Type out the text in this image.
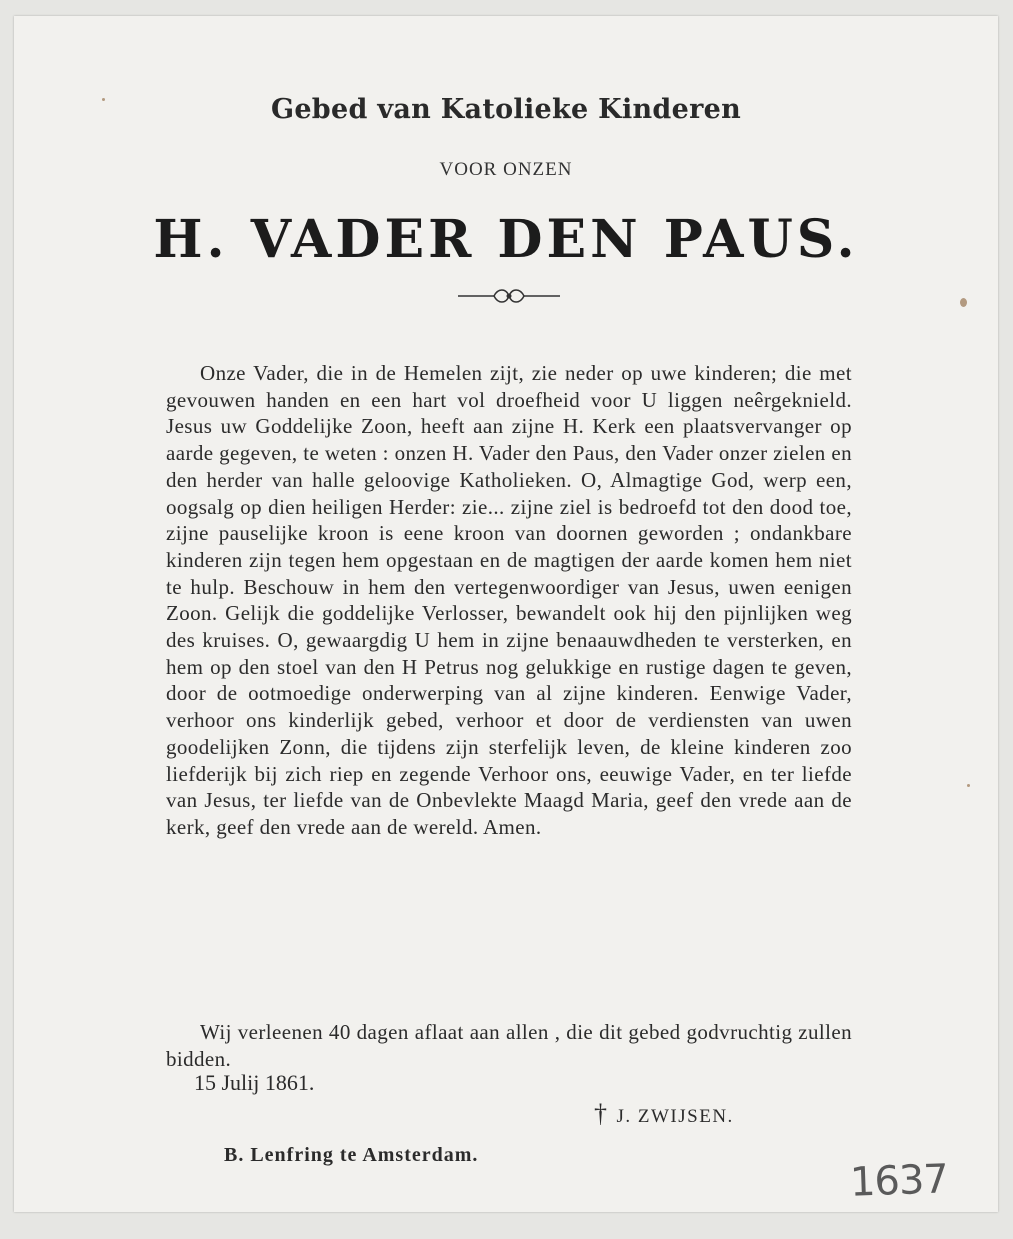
Gebed van Katolieke Kinderen
VOOR ONZEN
H. VADER DEN PAUS.

Onze Vader, die in de Hemelen zijt, zie neder op uwe kinderen; die met gevouwen handen en een hart vol droefheid voor U liggen neêrgeknield. Jesus uw Goddelijke Zoon, heeft aan zijne H. Kerk een plaatsvervanger op aarde gegeven, te weten : onzen H. Vader den Paus, den Vader onzer zielen en den herder van halle geloovige Katholieken. O, Almagtige God, werp een, oogsalg op dien heiligen Herder: zie... zijne ziel is bedroefd tot den dood toe, zijne pauselijke kroon is eene kroon van doornen geworden ; ondankbare kinderen zijn tegen hem opgestaan en de magtigen der aarde komen hem niet te hulp. Beschouw in hem den vertegenwoordiger van Jesus, uwen eenigen Zoon. Gelijk die goddelijke Verlosser, bewandelt ook hij den pijnlijken weg des kruises. O, gewaargdig U hem in zijne benaauwdheden te versterken, en hem op den stoel van den H Petrus nog gelukkige en rustige dagen te geven, door de ootmoedige onderwerping van al zijne kinderen. Eenwige Vader, verhoor ons kinderlijk gebed, verhoor et door de verdiensten van uwen goodelijken Zonn, die tijdens zijn sterfelijk leven, de kleine kinderen zoo liefderijk bij zich riep en zegende Verhoor ons, eeuwige Vader, en ter liefde van Jesus, ter liefde van de Onbevlekte Maagd Maria, geef den vrede aan de kerk, geef den vrede aan de wereld. Amen.

Wij verleenen 40 dagen aflaat aan allen , die dit gebed godvruchtig zullen bidden.

15 Julij 1861.
† J. ZWIJSEN.
B. Lenfring te Amsterdam.
1637
